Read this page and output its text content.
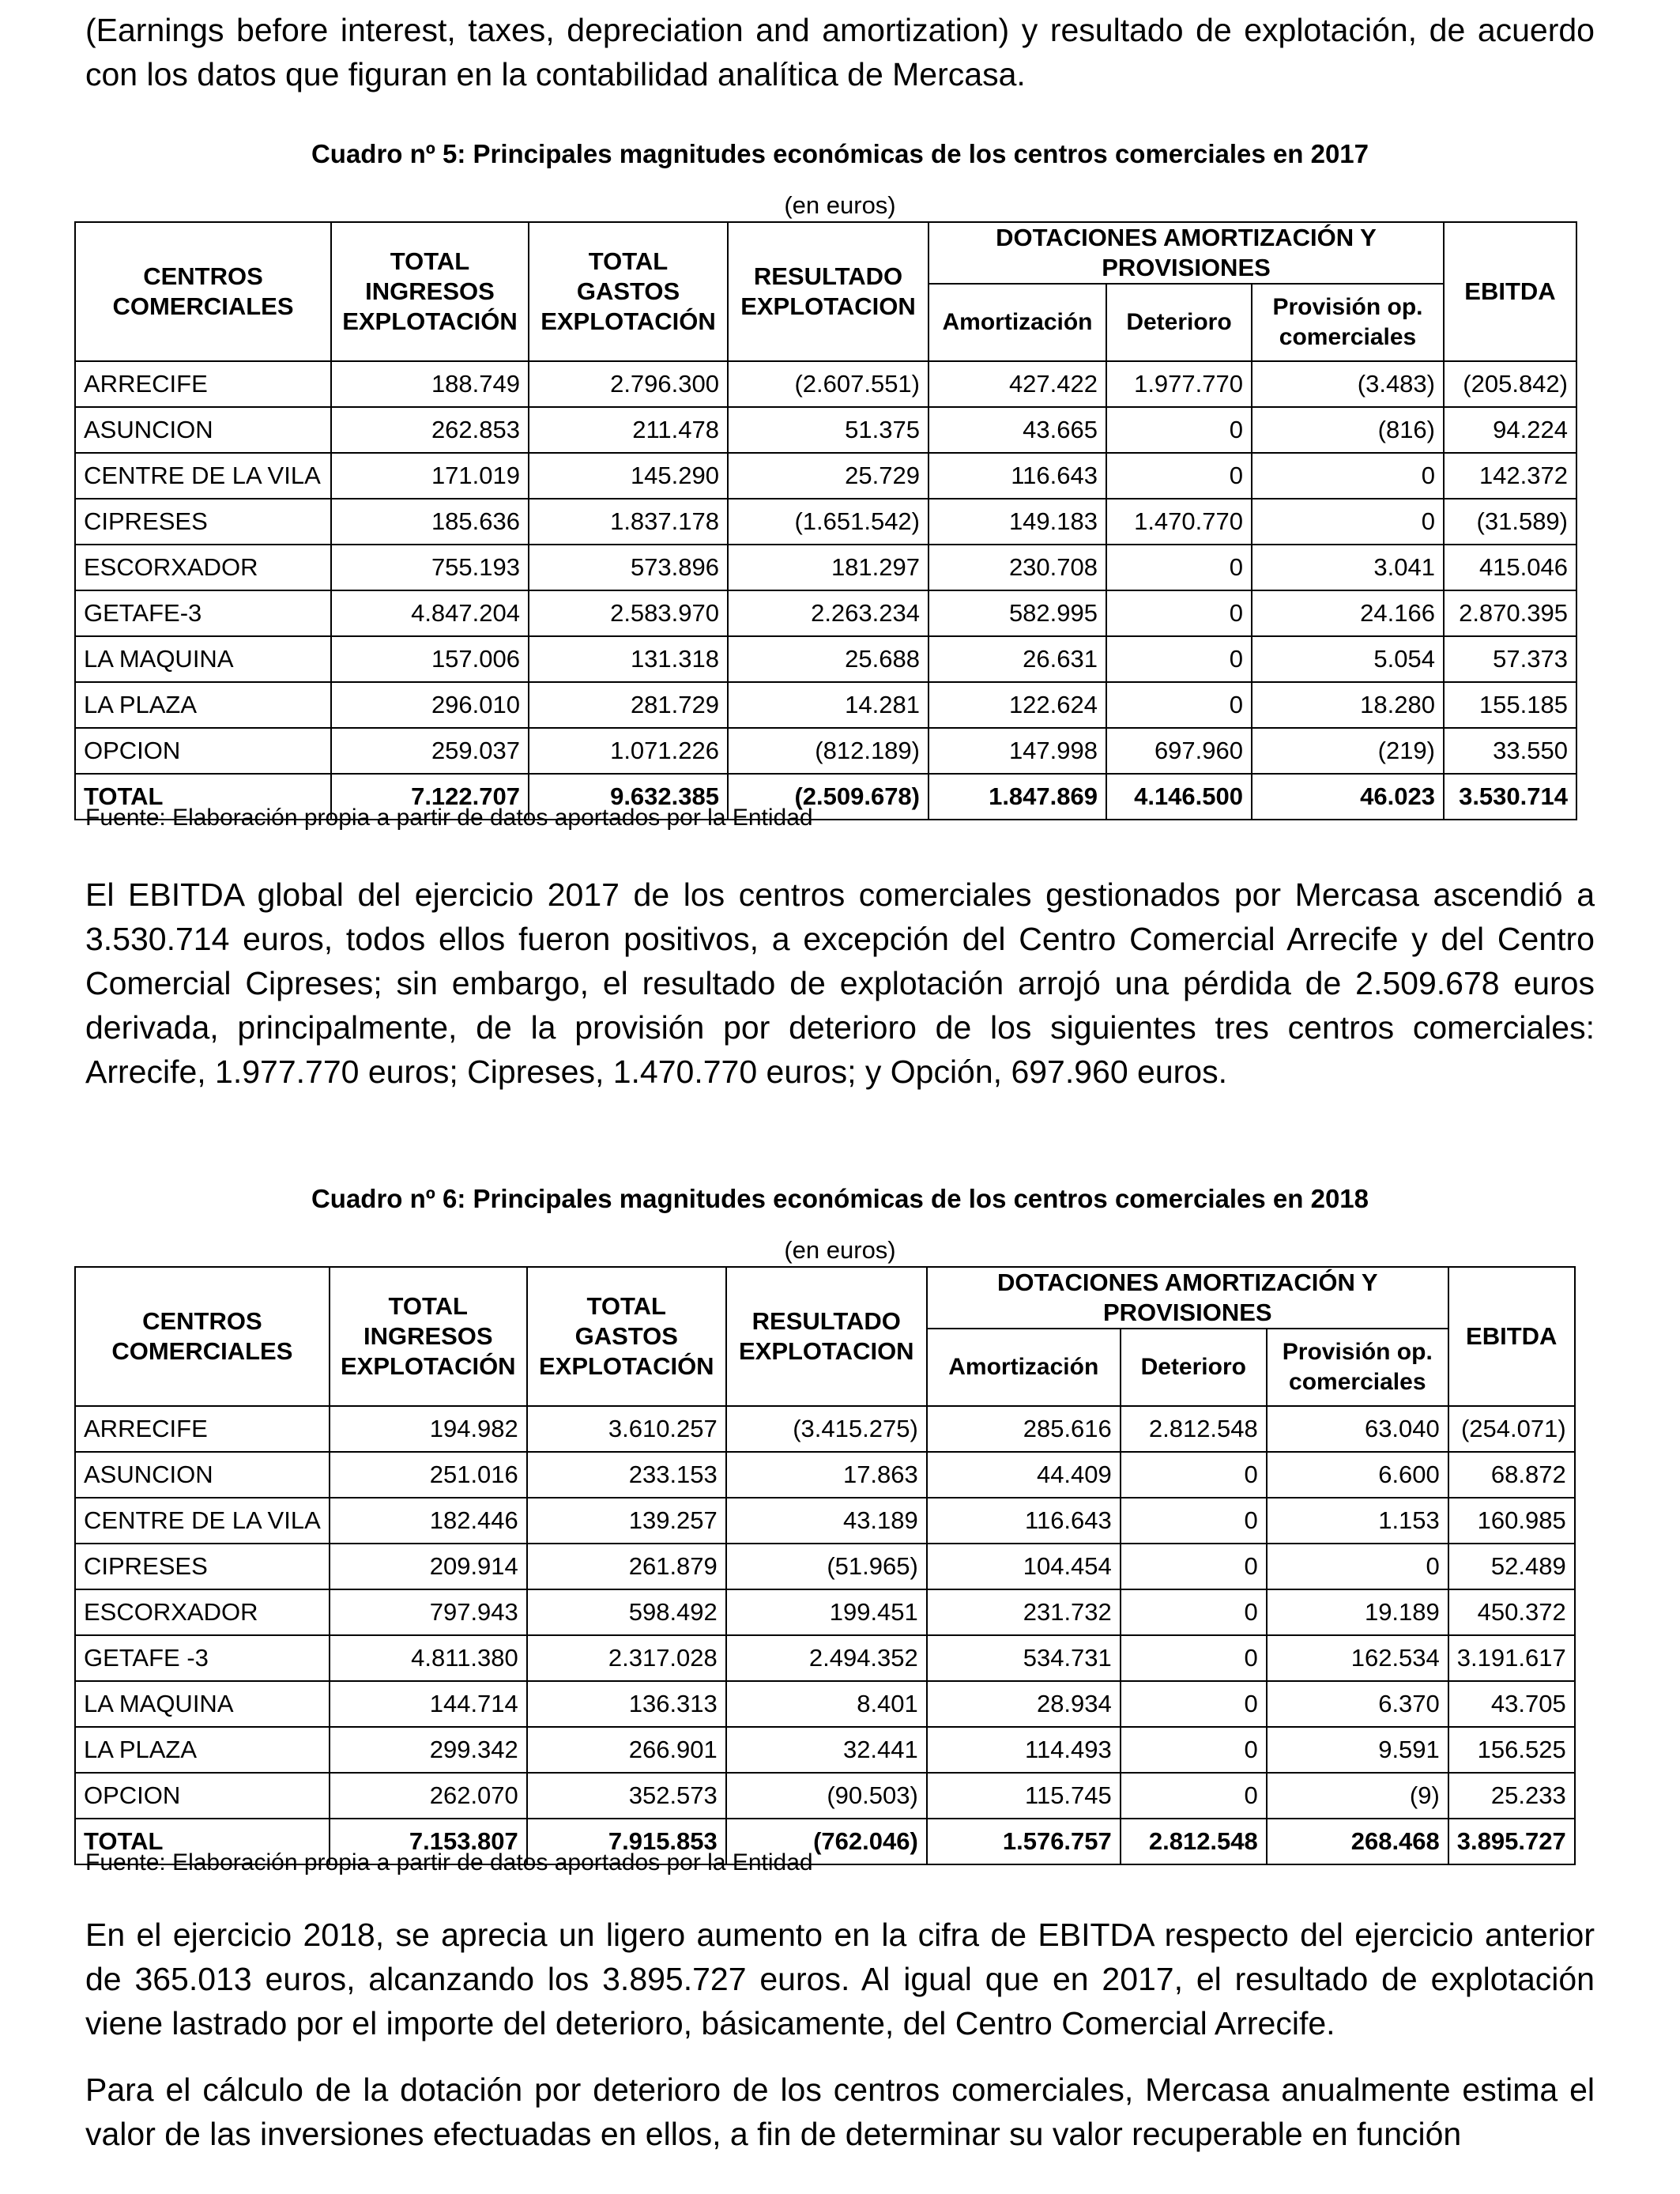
(Earnings before interest, taxes, depreciation and amortization) y resultado de explotación, de acuerdo con los datos que figuran en la contabilidad analítica de Mercasa.

Cuadro nº 5: Principales magnitudes económicas de los centros comerciales en 2017

(en euros)

CENTROS COMERCIALES	TOTAL INGRESOS EXPLOTACIÓN	TOTAL GASTOS EXPLOTACIÓN	RESULTADO EXPLOTACION	DOTACIONES AMORTIZACIÓN Y PROVISIONES			EBITDA
				Amortización	Deterioro	Provisión op. comerciales	
ARRECIFE	188.749	2.796.300	(2.607.551)	427.422	1.977.770	(3.483)	(205.842)
ASUNCION	262.853	211.478	51.375	43.665	0	(816)	94.224
CENTRE DE LA VILA	171.019	145.290	25.729	116.643	0	0	142.372
CIPRESES	185.636	1.837.178	(1.651.542)	149.183	1.470.770	0	(31.589)
ESCORXADOR	755.193	573.896	181.297	230.708	0	3.041	415.046
GETAFE-3	4.847.204	2.583.970	2.263.234	582.995	0	24.166	2.870.395
LA MAQUINA	157.006	131.318	25.688	26.631	0	5.054	57.373
LA PLAZA	296.010	281.729	14.281	122.624	0	18.280	155.185
OPCION	259.037	1.071.226	(812.189)	147.998	697.960	(219)	33.550
TOTAL	7.122.707	9.632.385	(2.509.678)	1.847.869	4.146.500	46.023	3.530.714

Fuente: Elaboración propia a partir de datos aportados por la Entidad

El EBITDA global del ejercicio 2017 de los centros comerciales gestionados por Mercasa ascendió a 3.530.714 euros, todos ellos fueron positivos, a excepción del Centro Comercial Arrecife y del Centro Comercial Cipreses; sin embargo, el resultado de explotación arrojó una pérdida de 2.509.678 euros derivada, principalmente, de la provisión por deterioro de los siguientes tres centros comerciales: Arrecife, 1.977.770 euros; Cipreses, 1.470.770 euros; y Opción, 697.960 euros.

Cuadro nº 6: Principales magnitudes económicas de los centros comerciales en 2018

(en euros)

CENTROS COMERCIALES	TOTAL INGRESOS EXPLOTACIÓN	TOTAL GASTOS EXPLOTACIÓN	RESULTADO EXPLOTACION	DOTACIONES AMORTIZACIÓN Y PROVISIONES			EBITDA
				Amortización	Deterioro	Provisión op. comerciales	
ARRECIFE	194.982	3.610.257	(3.415.275)	285.616	2.812.548	63.040	(254.071)
ASUNCION	251.016	233.153	17.863	44.409	0	6.600	68.872
CENTRE DE LA VILA	182.446	139.257	43.189	116.643	0	1.153	160.985
CIPRESES	209.914	261.879	(51.965)	104.454	0	0	52.489
ESCORXADOR	797.943	598.492	199.451	231.732	0	19.189	450.372
GETAFE -3	4.811.380	2.317.028	2.494.352	534.731	0	162.534	3.191.617
LA MAQUINA	144.714	136.313	8.401	28.934	0	6.370	43.705
LA PLAZA	299.342	266.901	32.441	114.493	0	9.591	156.525
OPCION	262.070	352.573	(90.503)	115.745	0	(9)	25.233
TOTAL	7.153.807	7.915.853	(762.046)	1.576.757	2.812.548	268.468	3.895.727

Fuente: Elaboración propia a partir de datos aportados por la Entidad

En el ejercicio 2018, se aprecia un ligero aumento en la cifra de EBITDA respecto del ejercicio anterior de 365.013 euros, alcanzando los 3.895.727 euros. Al igual que en 2017, el resultado de explotación viene lastrado por el importe del deterioro, básicamente, del Centro Comercial Arrecife.

Para el cálculo de la dotación por deterioro de los centros comerciales, Mercasa anualmente estima el valor de las inversiones efectuadas en ellos, a fin de determinar su valor recuperable en función
